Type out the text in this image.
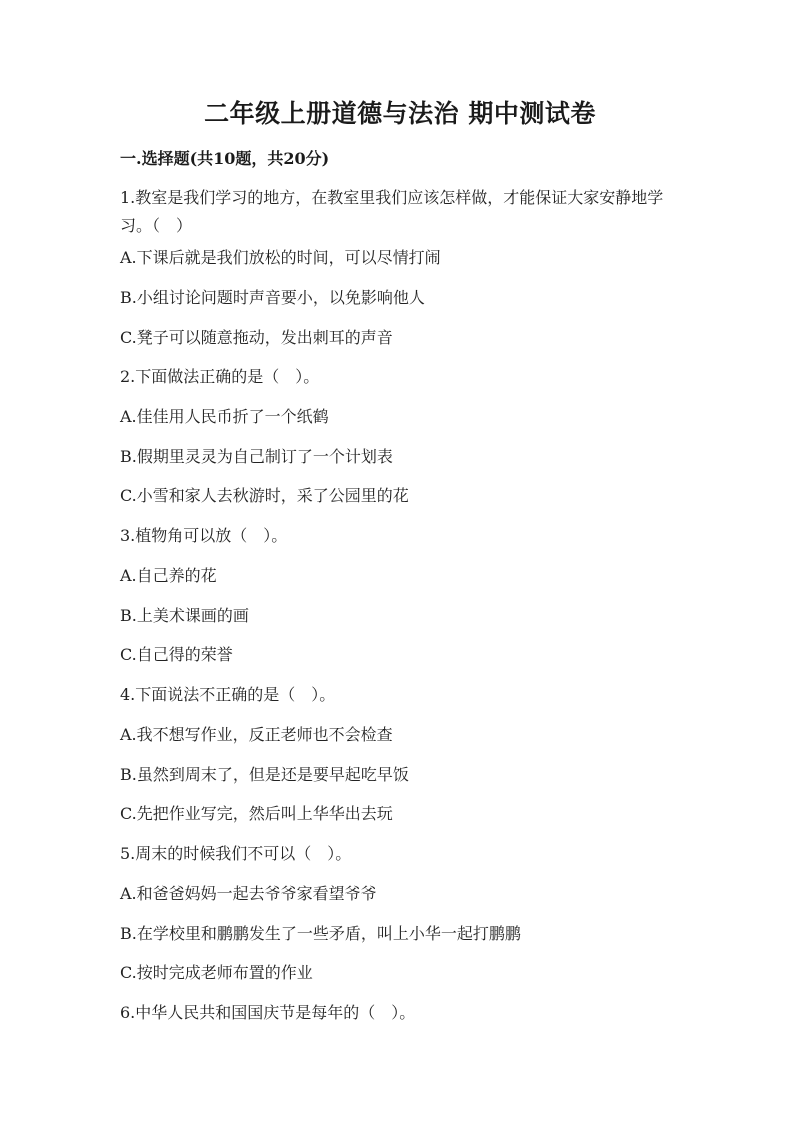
二年级上册道德与法治 期中测试卷
一.选择题(共10题，共20分)
1.教室是我们学习的地方，在教室里我们应该怎样做，才能保证大家安静地学
习。（　）
A.下课后就是我们放松的时间，可以尽情打闹
B.小组讨论问题时声音要小，以免影响他人
C.凳子可以随意拖动，发出刺耳的声音
2.下面做法正确的是（　）。
A.佳佳用人民币折了一个纸鹤
B.假期里灵灵为自己制订了一个计划表
C.小雪和家人去秋游时，采了公园里的花
3.植物角可以放（　）。
A.自己养的花
B.上美术课画的画
C.自己得的荣誉
4.下面说法不正确的是（　）。
A.我不想写作业，反正老师也不会检查
B.虽然到周末了，但是还是要早起吃早饭
C.先把作业写完，然后叫上华华出去玩
5.周末的时候我们不可以（　）。
A.和爸爸妈妈一起去爷爷家看望爷爷
B.在学校里和鹏鹏发生了一些矛盾，叫上小华一起打鹏鹏
C.按时完成老师布置的作业
6.中华人民共和国国庆节是每年的（　）。
